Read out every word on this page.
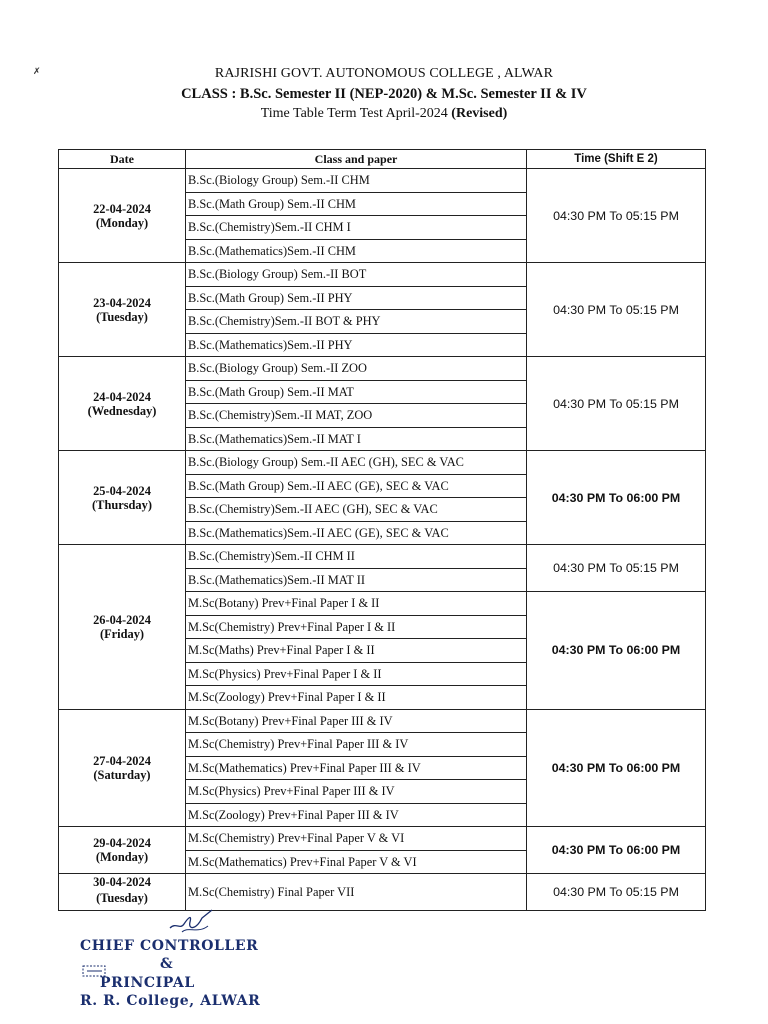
✗	RAJRISHI GOVT. AUTONOMOUS COLLEGE , ALWAR
CLASS : B.Sc. Semester II (NEP-2020) & M.Sc. Semester II & IV
Time Table Term Test April-2024 (Revised)
Date	Class and paper	Time (Shift E 2)

22-04-2024
(Monday)	B.Sc.(Biology Group) Sem.-II CHM	04:30 PM To 05:15 PM
	B.Sc.(Math Group) Sem.-II CHM	
	B.Sc.(Chemistry)Sem.-II CHM I	
	B.Sc.(Mathematics)Sem.-II CHM	

23-04-2024
(Tuesday)	B.Sc.(Biology Group) Sem.-II BOT	04:30 PM To 05:15 PM
	B.Sc.(Math Group) Sem.-II PHY	
	B.Sc.(Chemistry)Sem.-II BOT & PHY	
	B.Sc.(Mathematics)Sem.-II PHY	

24-04-2024
(Wednesday)	B.Sc.(Biology Group) Sem.-II ZOO	04:30 PM To 05:15 PM
	B.Sc.(Math Group) Sem.-II MAT	
	B.Sc.(Chemistry)Sem.-II MAT, ZOO	
	B.Sc.(Mathematics)Sem.-II MAT I	

25-04-2024
(Thursday)	B.Sc.(Biology Group) Sem.-II AEC (GH), SEC & VAC	04:30 PM To 06:00 PM
	B.Sc.(Math Group) Sem.-II AEC (GE), SEC & VAC	
	B.Sc.(Chemistry)Sem.-II AEC (GH), SEC & VAC	
	B.Sc.(Mathematics)Sem.-II AEC (GE), SEC & VAC	

26-04-2024
(Friday)	B.Sc.(Chemistry)Sem.-II CHM II	04:30 PM To 05:15 PM
	B.Sc.(Mathematics)Sem.-II MAT II	
	M.Sc(Botany) Prev+Final Paper I & II	04:30 PM To 06:00 PM
	M.Sc(Chemistry) Prev+Final Paper I & II	
	M.Sc(Maths) Prev+Final Paper I & II	
	M.Sc(Physics) Prev+Final Paper I & II	
	M.Sc(Zoology) Prev+Final Paper I & II	

27-04-2024
(Saturday)	M.Sc(Botany) Prev+Final Paper III & IV	04:30 PM To 06:00 PM
	M.Sc(Chemistry) Prev+Final Paper III & IV	
	M.Sc(Mathematics) Prev+Final Paper III & IV	
	M.Sc(Physics) Prev+Final Paper III & IV	
	M.Sc(Zoology) Prev+Final Paper III & IV	

29-04-2024
(Monday)	M.Sc(Chemistry) Prev+Final Paper V & VI	04:30 PM To 06:00 PM
	M.Sc(Mathematics) Prev+Final Paper V & VI	

30-04-2024
(Tuesday)	M.Sc(Chemistry) Final Paper VII	04:30 PM To 05:15 PM
CHIEF CONTROLLER
&
PRINCIPAL
R. R. College, ALWAR
